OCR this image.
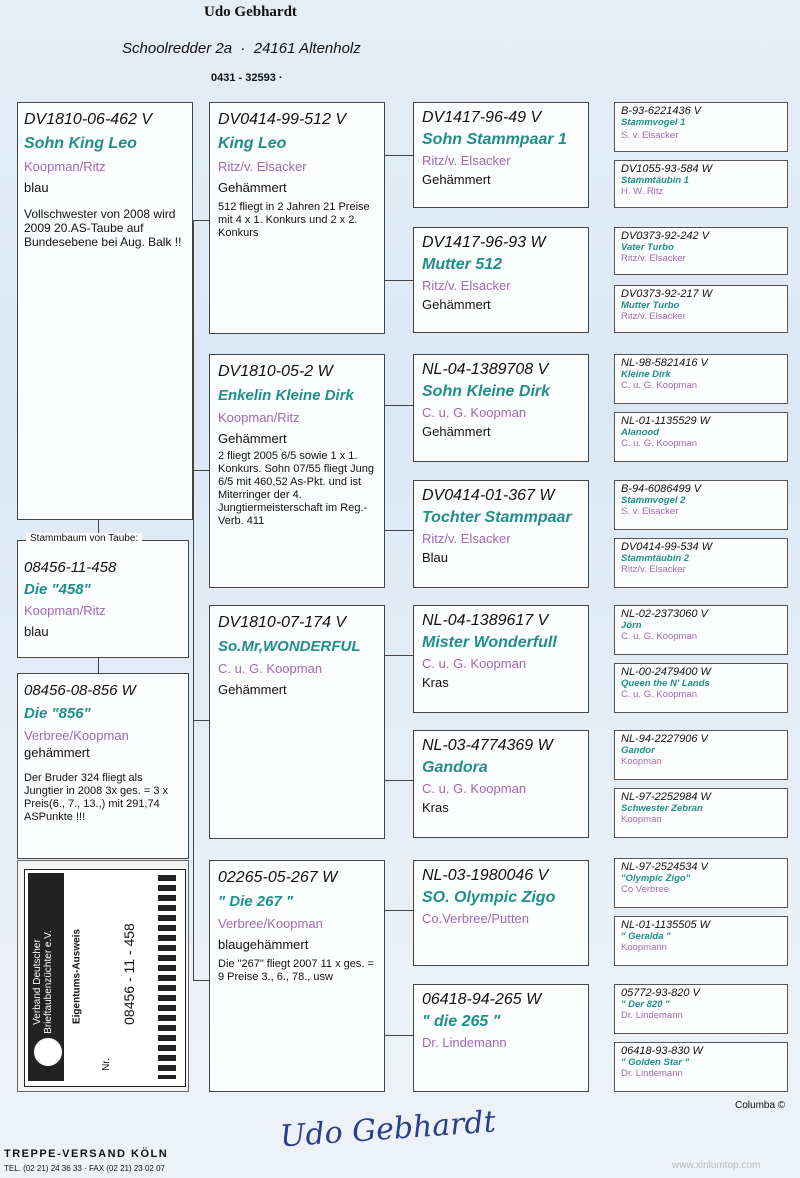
Udo Gebhardt
Schoolredder 2a  ·  24161 Altenholz
0431 - 32593 ·
DV1810-06-462 V
Sohn King Leo
Koopman/Ritz
blau
Vollschwester von 2008 wird 2009 20.AS-Taube auf Bundesebene bei Aug. Balk !!
Stammbaum von Taube:
08456-11-458
Die "458"
Koopman/Ritz
blau
08456-08-856 W
Die "856"
Verbree/Koopman
gehämmert
Der Bruder 324 fliegt als Jungtier in 2008 3x ges. = 3 x Preis(6., 7., 13.,) mit 291,74 ASPunkte !!!
Verband Deutscher Brieftaubenzüchter e.V. Eigentums-Ausweis
Nr.
08456 - 11 - 458
DV0414-99-512 V
King Leo
Ritz/v. Elsacker
Gehämmert
512 fliegt in 2 Jahren 21 Preise mit 4 x 1. Konkurs und 2 x 2. Konkurs
DV1810-05-2 W
Enkelin Kleine Dirk
Koopman/Ritz
Gehämmert
2 fliegt 2005 6/5 sowie 1 x 1. Konkurs. Sohn 07/55 fliegt Jung 6/5 mit 460,52 As-Pkt. und ist Miterringer der 4. Jungtiermeisterschaft im Reg.-Verb. 411
DV1810-07-174 V
So.Mr,WONDERFUL
C. u. G. Koopman
Gehämmert
02265-05-267 W
" Die 267 "
Verbree/Koopman
blaugehämmert
Die "267" fliegt 2007 11 x ges. = 9 Preise 3., 6., 78., usw
DV1417-96-49 V
Sohn Stammpaar 1
Ritz/v. Elsacker
Gehämmert
DV1417-96-93 W
Mutter 512
Ritz/v. Elsacker
Gehämmert
NL-04-1389708 V
Sohn Kleine Dirk
C. u. G. Koopman
Gehämmert
DV0414-01-367 W
Tochter Stammpaar
Ritz/v. Elsacker
Blau
NL-04-1389617 V
Mister Wonderfull
C. u. G. Koopman
Kras
NL-03-4774369 W
Gandora
C. u. G. Koopman
Kras
NL-03-1980046 V
SO. Olympic Zigo
Co.Verbree/Putten
06418-94-265 W
" die 265 "
Dr. Lindemann
B-93-6221436 V
Stammvogel 1
S. v. Elsacker
DV1055-93-584 W
Stammtäubin 1
H. W. Ritz
DV0373-92-242 V
Vater Turbo
Ritz/v. Elsacker
DV0373-92-217 W
Mutter Turbo
Ritz/v. Elsacker
NL-98-5821416 V
Kleine Dirk
C. u. G. Koopman
NL-01-1135529 W
Alanood
C. u. G. Koopman
B-94-6086499 V
Stammvogel 2
S. v. Elsacker
DV0414-99-534 W
Stammtäubin 2
Ritz/v. Elsacker
NL-02-2373060 V
Jörn
C. u. G. Koopman
NL-00-2479400 W
Queen the N' Lands
C. u. G. Koopman
NL-94-2227906 V
Gandor
Koopman
NL-97-2252984 W
Schwester Zebran
Koopman
NL-97-2524534 V
"Olympic Zigo"
Co Verbree
NL-01-1135505 W
" Geralda "
Koopmann
05772-93-820 V
" Der 820 "
Dr. Lindemann
06418-93-830 W
" Golden Star "
Dr. Lindemann
Columba ©
Udo Gebhardt
TREPPE-VERSAND KÖLN
TEL. (02 21) 24 36 33 · FAX (02 21) 23 02 07	www.xinlumtop.com
